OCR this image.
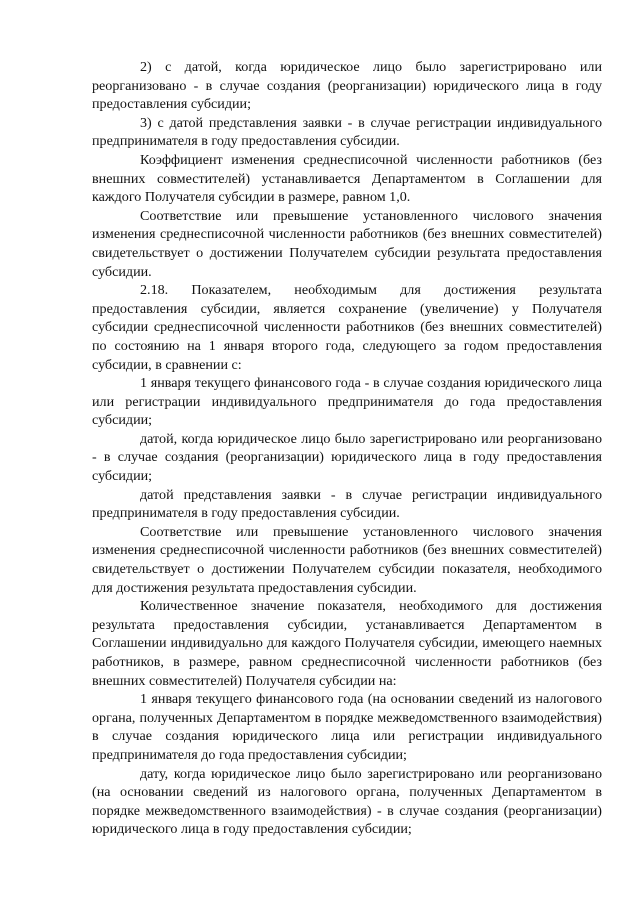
2) с датой, когда юридическое лицо было зарегистрировано или реорганизовано - в случае создания (реорганизации) юридического лица в году предоставления субсидии;

3) с датой представления заявки - в случае регистрации индивидуального предпринимателя в году предоставления субсидии.

Коэффициент изменения среднесписочной численности работников (без внешних совместителей) устанавливается Департаментом в Соглашении для каждого Получателя субсидии в размере, равном 1,0.

Соответствие или превышение установленного числового значения изменения среднесписочной численности работников (без внешних совместителей) свидетельствует о достижении Получателем субсидии результата предоставления субсидии.

2.18. Показателем, необходимым для достижения результата предоставления субсидии, является сохранение (увеличение) у Получателя субсидии среднесписочной численности работников (без внешних совместителей) по состоянию на 1 января второго года, следующего за годом предоставления субсидии, в сравнении с:

1 января текущего финансового года - в случае создания юридического лица или регистрации индивидуального предпринимателя до года предоставления субсидии;

датой, когда юридическое лицо было зарегистрировано или реорганизовано - в случае создания (реорганизации) юридического лица в году предоставления субсидии;

датой представления заявки - в случае регистрации индивидуального предпринимателя в году предоставления субсидии.

Соответствие или превышение установленного числового значения изменения среднесписочной численности работников (без внешних совместителей) свидетельствует о достижении Получателем субсидии показателя, необходимого для достижения результата предоставления субсидии.

Количественное значение показателя, необходимого для достижения результата предоставления субсидии, устанавливается Департаментом в Соглашении индивидуально для каждого Получателя субсидии, имеющего наемных работников, в размере, равном среднесписочной численности работников (без внешних совместителей) Получателя субсидии на:

1 января текущего финансового года (на основании сведений из налогового органа, полученных Департаментом в порядке межведомственного взаимодействия) в случае создания юридического лица или регистрации индивидуального предпринимателя до года предоставления субсидии;

дату, когда юридическое лицо было зарегистрировано или реорганизовано (на основании сведений из налогового органа, полученных Департаментом в порядке межведомственного взаимодействия) - в случае создания (реорганизации) юридического лица в году предоставления субсидии;
